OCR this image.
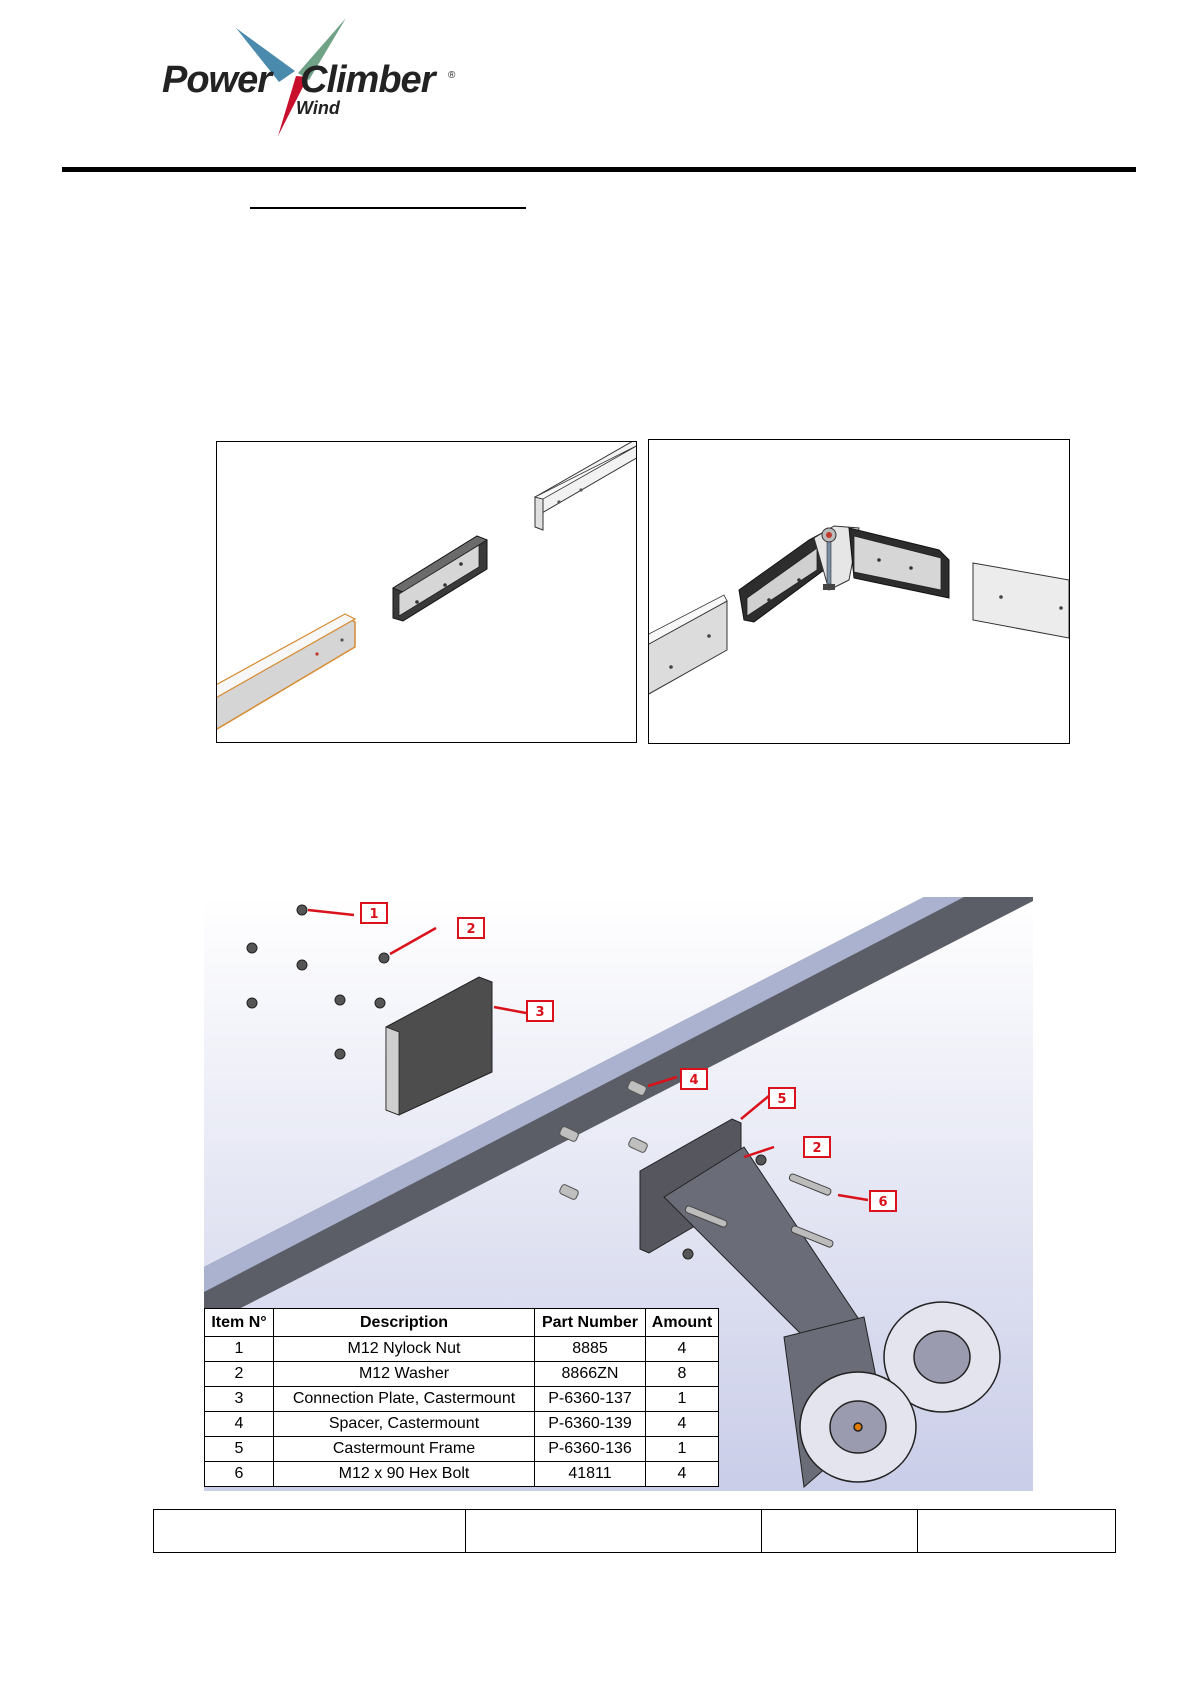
Power Climber	®
Wind
1
2
3
4
5
2
6
Item N°	Description	Part Number	Amount
1	M12 Nylock Nut	8885	4
2	M12 Washer	8866ZN	8
3	Connection Plate, Castermount	P-6360-137	1
4	Spacer, Castermount	P-6360-139	4
5	Castermount Frame	P-6360-136	1
6	M12 x 90 Hex Bolt	41811	4
